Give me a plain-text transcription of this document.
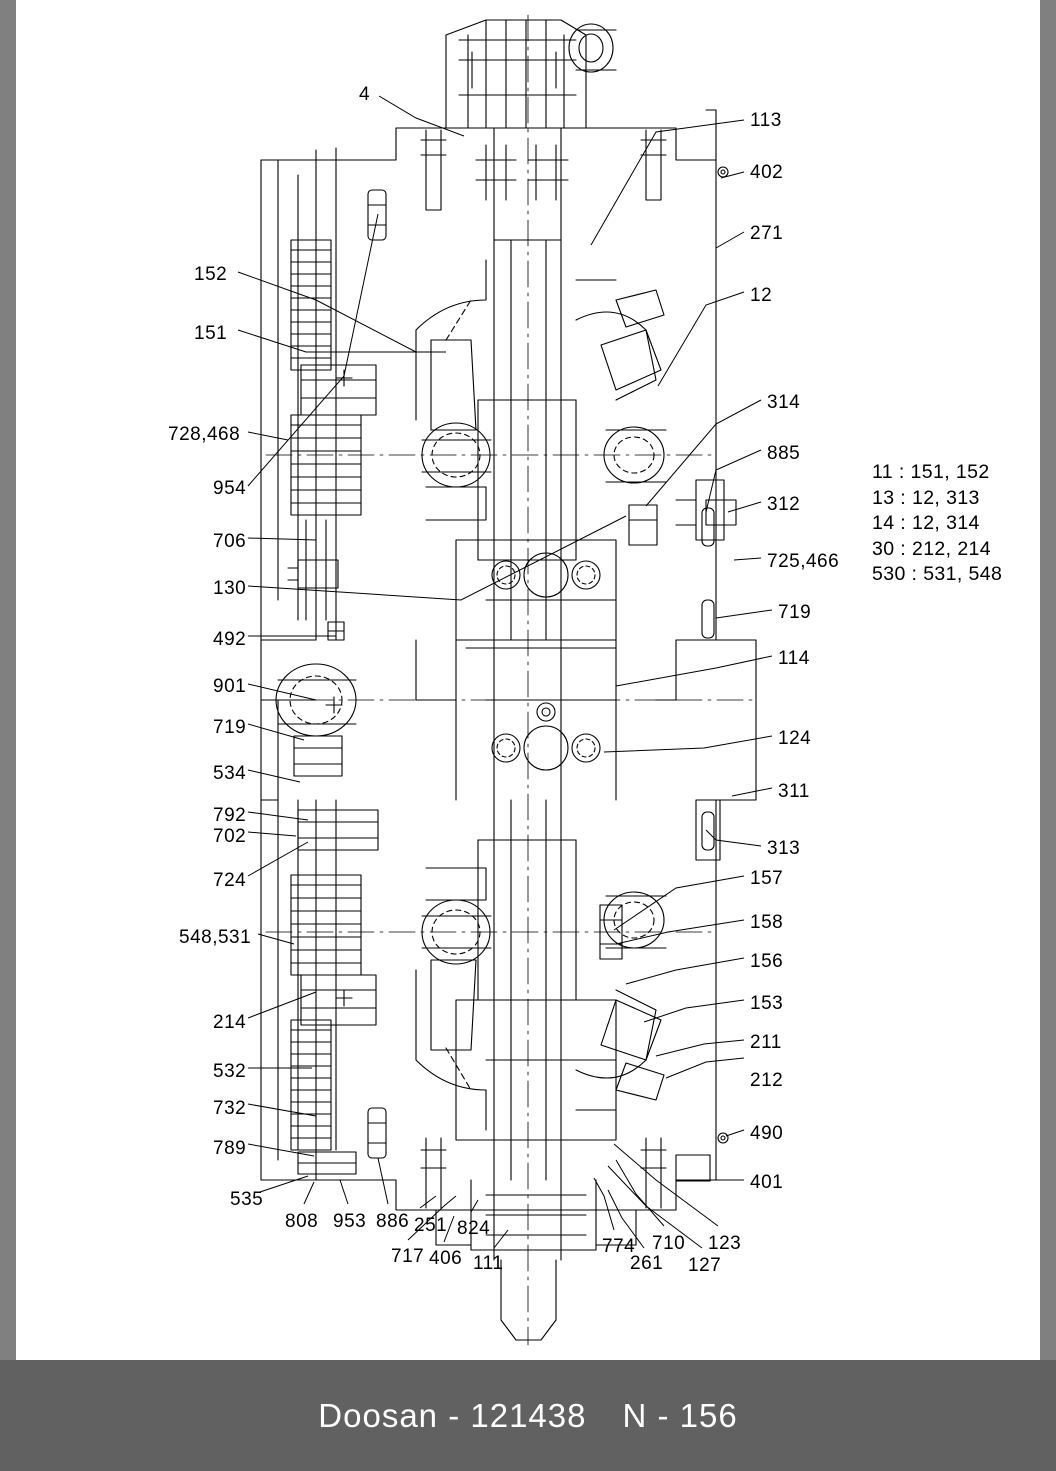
4
113
402
271
152
151
728,468
954
706
130
492
901
719
534
792
702
724
548,531
214
532
732
789
12
314
885
312
725,466
719
114
124
311
313
157
158
156
153
211
212
490
401
535
808 953 886 251
717 406
824
111
774 710
261
123
127
11 : 151, 152
13 : 12, 313
14 : 12, 314
30 : 212, 214
530 : 531, 548
Doosan - 121438 N - 156
